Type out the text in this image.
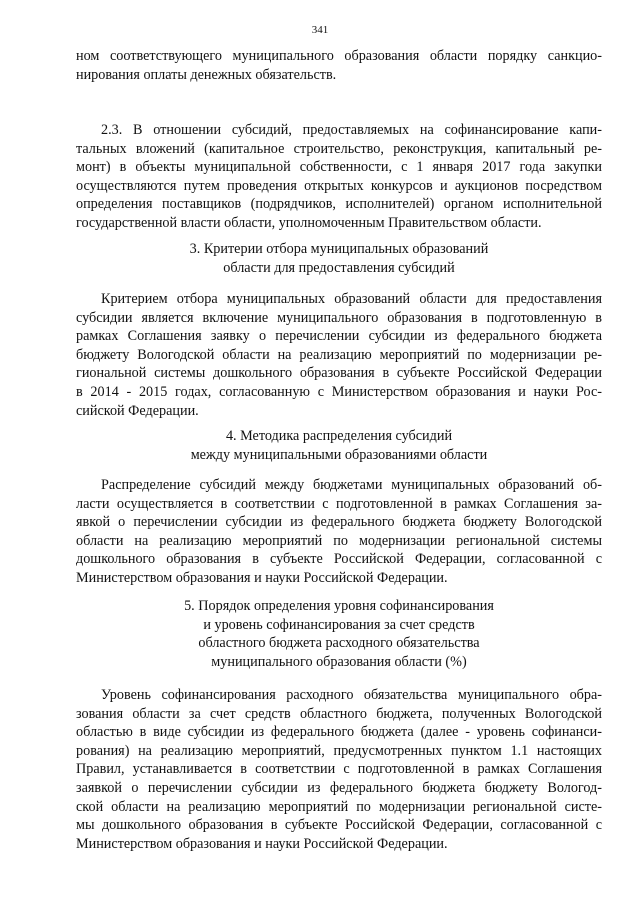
341
ном соответствующего муниципального образования области порядку санкцио-
нирования оплаты денежных обязательств.
2.3. В отношении субсидий, предоставляемых на софинансирование капи-
тальных вложений (капитальное строительство, реконструкция, капитальный ре-
монт) в объекты муниципальной собственности, с 1 января 2017 года закупки
осуществляются путем проведения открытых конкурсов и аукционов посредством
определения поставщиков (подрядчиков, исполнителей) органом исполнительной
государственной власти области, уполномоченным Правительством области.
3. Критерии отбора муниципальных образований
области для предоставления субсидий
Критерием отбора муниципальных образований области для предоставления
субсидии является включение муниципального образования в подготовленную в
рамках Соглашения заявку о перечислении субсидии из федерального бюджета
бюджету Вологодской области на реализацию мероприятий по модернизации ре-
гиональной системы дошкольного образования в субъекте Российской Федерации
в 2014 - 2015 годах, согласованную с Министерством образования и науки Рос-
сийской Федерации.
4. Методика распределения субсидий
между муниципальными образованиями области
Распределение субсидий между бюджетами муниципальных образований об-
ласти осуществляется в соответствии с подготовленной в рамках Соглашения за-
явкой о перечислении субсидии из федерального бюджета бюджету Вологодской
области на реализацию мероприятий по модернизации региональной системы
дошкольного образования в субъекте Российской Федерации, согласованной с
Министерством образования и науки Российской Федерации.
5. Порядок определения уровня софинансирования
и уровень софинансирования за счет средств
областного бюджета расходного обязательства
муниципального образования области (%)
Уровень софинансирования расходного обязательства муниципального обра-
зования области за счет средств областного бюджета, полученных Вологодской
областью в виде субсидии из федерального бюджета (далее - уровень софинанси-
рования) на реализацию мероприятий, предусмотренных пунктом 1.1 настоящих
Правил, устанавливается в соответствии с подготовленной в рамках Соглашения
заявкой о перечислении субсидии из федерального бюджета бюджету Вологод-
ской области на реализацию мероприятий по модернизации региональной систе-
мы дошкольного образования в субъекте Российской Федерации, согласованной с
Министерством образования и науки Российской Федерации.
